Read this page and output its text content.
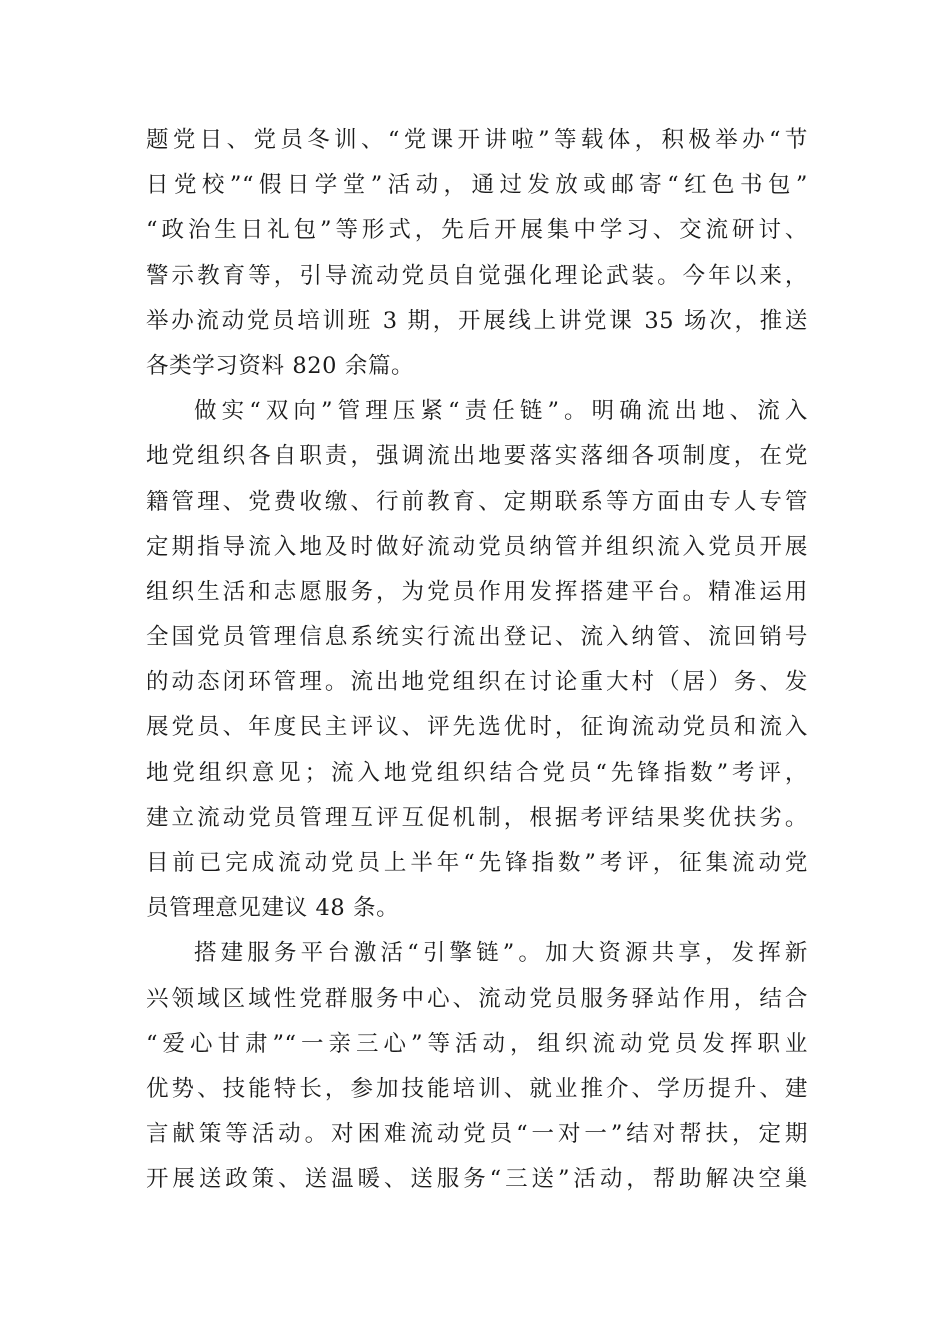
题党日、党员冬训、“党课开讲啦”等载体，积极举办“节
日党校”“假日学堂”活动，通过发放或邮寄“红色书包”
“政治生日礼包”等形式，先后开展集中学习、交流研讨、
警示教育等，引导流动党员自觉强化理论武装。今年以来，
举办流动党员培训班 3 期，开展线上讲党课 35 场次，推送
各类学习资料 820 余篇。

做实“双向”管理压紧“责任链”。明确流出地、流入
地党组织各自职责，强调流出地要落实落细各项制度，在党
籍管理、党费收缴、行前教育、定期联系等方面由专人专管
定期指导流入地及时做好流动党员纳管并组织流入党员开展
组织生活和志愿服务，为党员作用发挥搭建平台。精准运用
全国党员管理信息系统实行流出登记、流入纳管、流回销号
的动态闭环管理。流出地党组织在讨论重大村（居）务、发
展党员、年度民主评议、评先选优时，征询流动党员和流入
地党组织意见；流入地党组织结合党员“先锋指数”考评，
建立流动党员管理互评互促机制，根据考评结果奖优扶劣。
目前已完成流动党员上半年“先锋指数”考评，征集流动党
员管理意见建议 48 条。

搭建服务平台激活“引擎链”。加大资源共享，发挥新
兴领域区域性党群服务中心、流动党员服务驿站作用，结合
“爱心甘肃”“一亲三心”等活动，组织流动党员发挥职业
优势、技能特长，参加技能培训、就业推介、学历提升、建
言献策等活动。对困难流动党员“一对一”结对帮扶，定期
开展送政策、送温暖、送服务“三送”活动，帮助解决空巢
